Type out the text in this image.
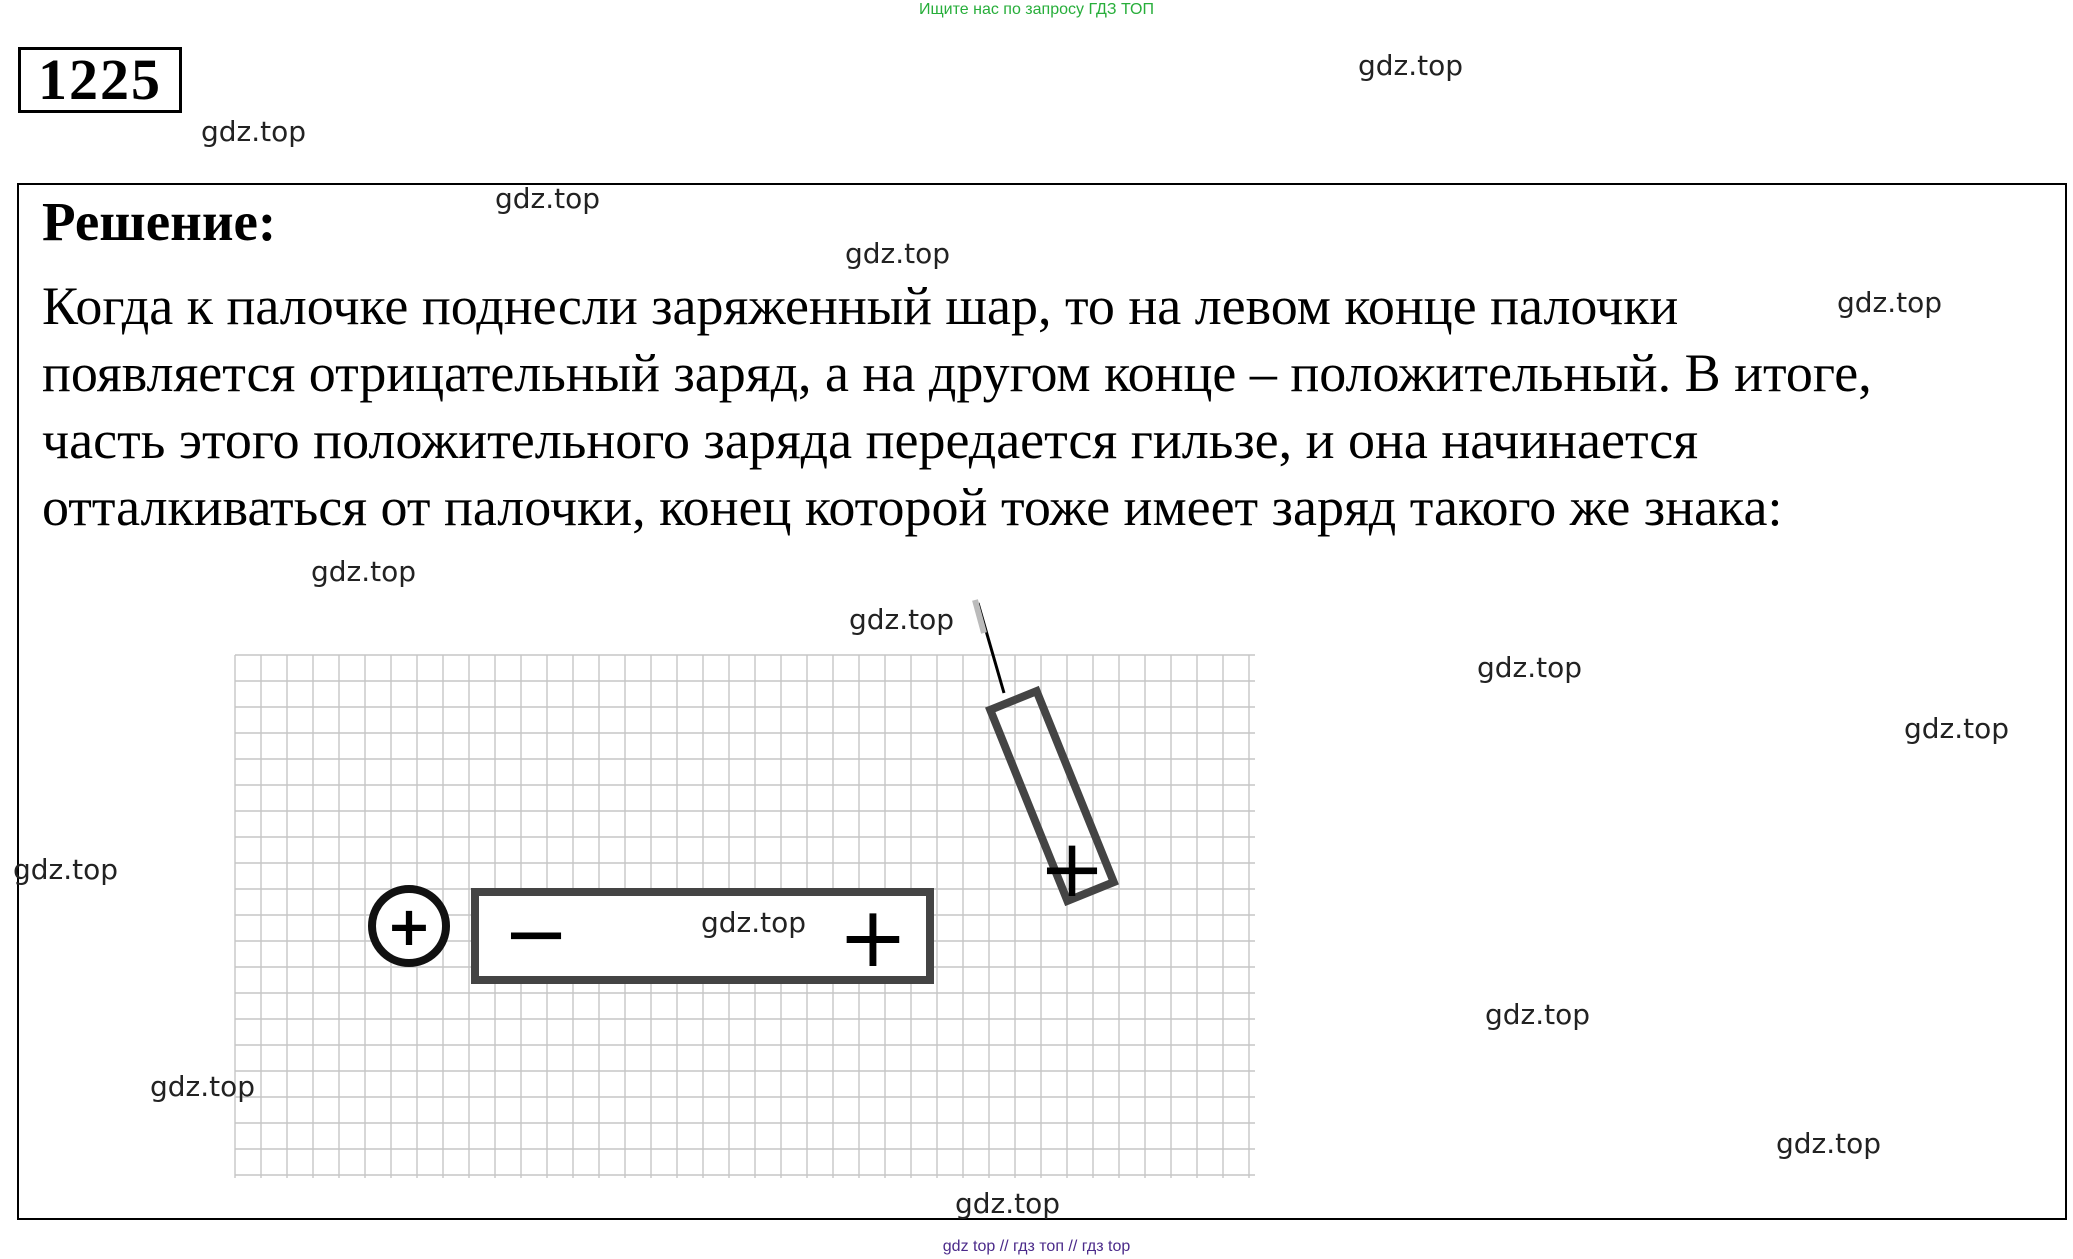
Ищите нас по запросу ГДЗ ТОП
1225
Решение:
Когда к палочке поднесли заряженный шар, то на левом конце палочки
появляется отрицательный заряд, а на другом конце – положительный. В итоге,
часть этого положительного заряда передается гильзе, и она начинается
отталкиваться от палочки, конец которой тоже имеет заряд такого же знака:
+
+ −	+
gdz.top
gdz.top
gdz.top
gdz.top
gdz.top
gdz.top
gdz.top
gdz.top
gdz.top
gdz.top
gdz.top
gdz.top
gdz.top
gdz.top
gdz.top
gdz top // гдз топ // гдз top
